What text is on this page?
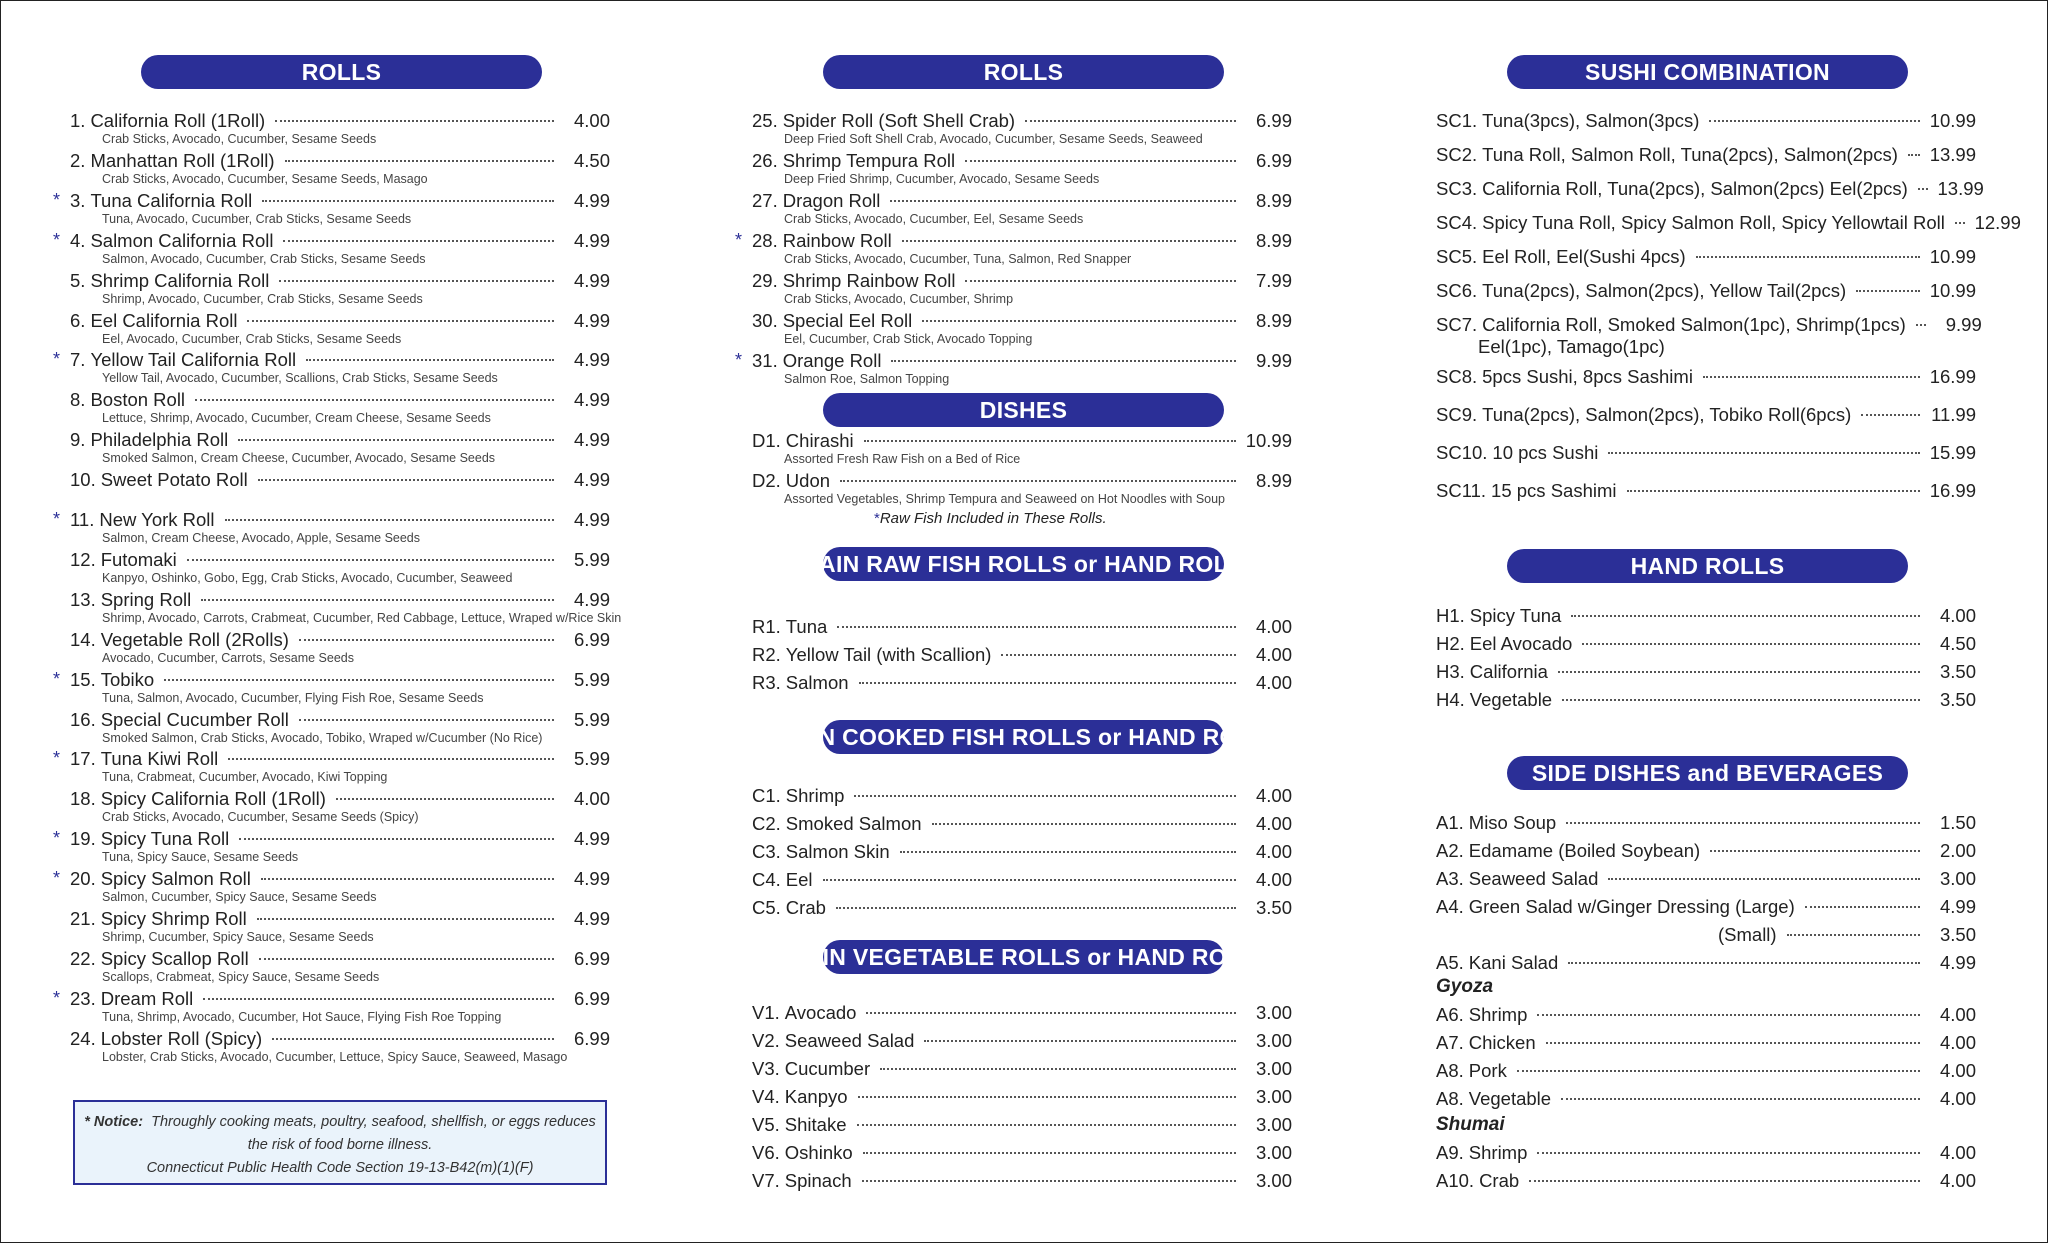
ROLLS
1. California Roll (1Roll)	4.00
Crab Sticks, Avocado, Cucumber, Sesame Seeds
2. Manhattan Roll (1Roll)	4.50
Crab Sticks, Avocado, Cucumber, Sesame Seeds, Masago
* 3. Tuna California Roll	4.99
Tuna, Avocado, Cucumber, Crab Sticks, Sesame Seeds
* 4. Salmon California Roll	4.99
Salmon, Avocado, Cucumber, Crab Sticks, Sesame Seeds
5. Shrimp California Roll	4.99
Shrimp, Avocado, Cucumber, Crab Sticks, Sesame Seeds
6. Eel California Roll	4.99
Eel, Avocado, Cucumber, Crab Sticks, Sesame Seeds
* 7. Yellow Tail California Roll	4.99
Yellow Tail, Avocado, Cucumber, Scallions, Crab Sticks, Sesame Seeds
8. Boston Roll	4.99
Lettuce, Shrimp, Avocado, Cucumber, Cream Cheese, Sesame Seeds
9. Philadelphia Roll	4.99
Smoked Salmon, Cream Cheese, Cucumber, Avocado, Sesame Seeds
10. Sweet Potato Roll	4.99
* 11. New York Roll	4.99
Salmon, Cream Cheese, Avocado, Apple, Sesame Seeds
12. Futomaki	5.99
Kanpyo, Oshinko, Gobo, Egg, Crab Sticks, Avocado, Cucumber, Seaweed
13. Spring Roll	4.99
Shrimp, Avocado, Carrots, Crabmeat, Cucumber, Red Cabbage, Lettuce, Wraped w/Rice Skin
14. Vegetable Roll (2Rolls)	6.99
Avocado, Cucumber, Carrots, Sesame Seeds
* 15. Tobiko	5.99
Tuna, Salmon, Avocado, Cucumber, Flying Fish Roe, Sesame Seeds
16. Special Cucumber Roll	5.99
Smoked Salmon, Crab Sticks, Avocado, Tobiko, Wraped w/Cucumber (No Rice)
* 17. Tuna Kiwi Roll	5.99
Tuna, Crabmeat, Cucumber, Avocado, Kiwi Topping
18. Spicy California Roll (1Roll)	4.00
Crab Sticks, Avocado, Cucumber, Sesame Seeds (Spicy)
* 19. Spicy Tuna Roll	4.99
Tuna, Spicy Sauce, Sesame Seeds
* 20. Spicy Salmon Roll	4.99
Salmon, Cucumber, Spicy Sauce, Sesame Seeds
21. Spicy Shrimp Roll	4.99
Shrimp, Cucumber, Spicy Sauce, Sesame Seeds
22. Spicy Scallop Roll	6.99
Scallops, Crabmeat, Spicy Sauce, Sesame Seeds
* 23. Dream Roll	6.99
Tuna, Shrimp, Avocado, Cucumber, Hot Sauce, Flying Fish Roe Topping
24. Lobster Roll (Spicy)	6.99
Lobster, Crab Sticks, Avocado, Cucumber, Lettuce, Spicy Sauce, Seaweed, Masago
* Notice: Throughly cooking meats, poultry, seafood, shellfish, or eggs reduces
the risk of food borne illness.
Connecticut Public Health Code Section 19-13-B42(m)(1)(F)
ROLLS
25. Spider Roll (Soft Shell Crab)	6.99
Deep Fried Soft Shell Crab, Avocado, Cucumber, Sesame Seeds, Seaweed
26. Shrimp Tempura Roll	6.99
Deep Fried Shrimp, Cucumber, Avocado, Sesame Seeds
27. Dragon Roll	8.99
Crab Sticks, Avocado, Cucumber, Eel, Sesame Seeds
* 28. Rainbow Roll	8.99
Crab Sticks, Avocado, Cucumber, Tuna, Salmon, Red Snapper
29. Shrimp Rainbow Roll	7.99
Crab Sticks, Avocado, Cucumber, Shrimp
30. Special Eel Roll	8.99
Eel, Cucumber, Crab Stick, Avocado Topping
* 31. Orange Roll	9.99
Salmon Roe, Salmon Topping
DISHES
D1. Chirashi	10.99
Assorted Fresh Raw Fish on a Bed of Rice
D2. Udon	8.99
Assorted Vegetables, Shrimp Tempura and Seaweed on Hot Noodles with Soup
*Raw Fish Included in These Rolls.
PLAIN RAW FISH ROLLS or HAND ROLLS
R1. Tuna	4.00
R2. Yellow Tail (with Scallion)	4.00
R3. Salmon	4.00
PLAIN COOKED FISH ROLLS or HAND ROLLS
C1. Shrimp	4.00
C2. Smoked Salmon	4.00
C3. Salmon Skin	4.00
C4. Eel	4.00
C5. Crab	3.50
PLAIN VEGETABLE ROLLS or HAND ROLLS
V1. Avocado	3.00
V2. Seaweed Salad	3.00
V3. Cucumber	3.00
V4. Kanpyo	3.00
V5. Shitake	3.00
V6. Oshinko	3.00
V7. Spinach	3.00
SUSHI COMBINATION
SC1. Tuna(3pcs), Salmon(3pcs)	10.99
SC2. Tuna Roll, Salmon Roll, Tuna(2pcs), Salmon(2pcs)	13.99
SC3. California Roll, Tuna(2pcs), Salmon(2pcs) Eel(2pcs)	13.99
SC4. Spicy Tuna Roll, Spicy Salmon Roll, Spicy Yellowtail Roll	12.99
SC5. Eel Roll, Eel(Sushi 4pcs)	10.99
SC6. Tuna(2pcs), Salmon(2pcs), Yellow Tail(2pcs)	10.99
SC7. California Roll, Smoked Salmon(1pc), Shrimp(1pcs)	9.99
Eel(1pc), Tamago(1pc)
SC8. 5pcs Sushi, 8pcs Sashimi	16.99
SC9. Tuna(2pcs), Salmon(2pcs), Tobiko Roll(6pcs)	11.99
SC10. 10 pcs Sushi	15.99
SC11. 15 pcs Sashimi	16.99
HAND ROLLS
H1. Spicy Tuna	4.00
H2. Eel Avocado	4.50
H3. California	3.50
H4. Vegetable	3.50
SIDE DISHES and BEVERAGES
A1. Miso Soup	1.50
A2. Edamame (Boiled Soybean)	2.00
A3. Seaweed Salad	3.00
A4. Green Salad w/Ginger Dressing (Large)	4.99
(Small)	3.50
A5. Kani Salad	4.99
Gyoza
A6. Shrimp	4.00
A7. Chicken	4.00
A8. Pork	4.00
A8. Vegetable	4.00
Shumai
A9. Shrimp	4.00
A10. Crab	4.00
